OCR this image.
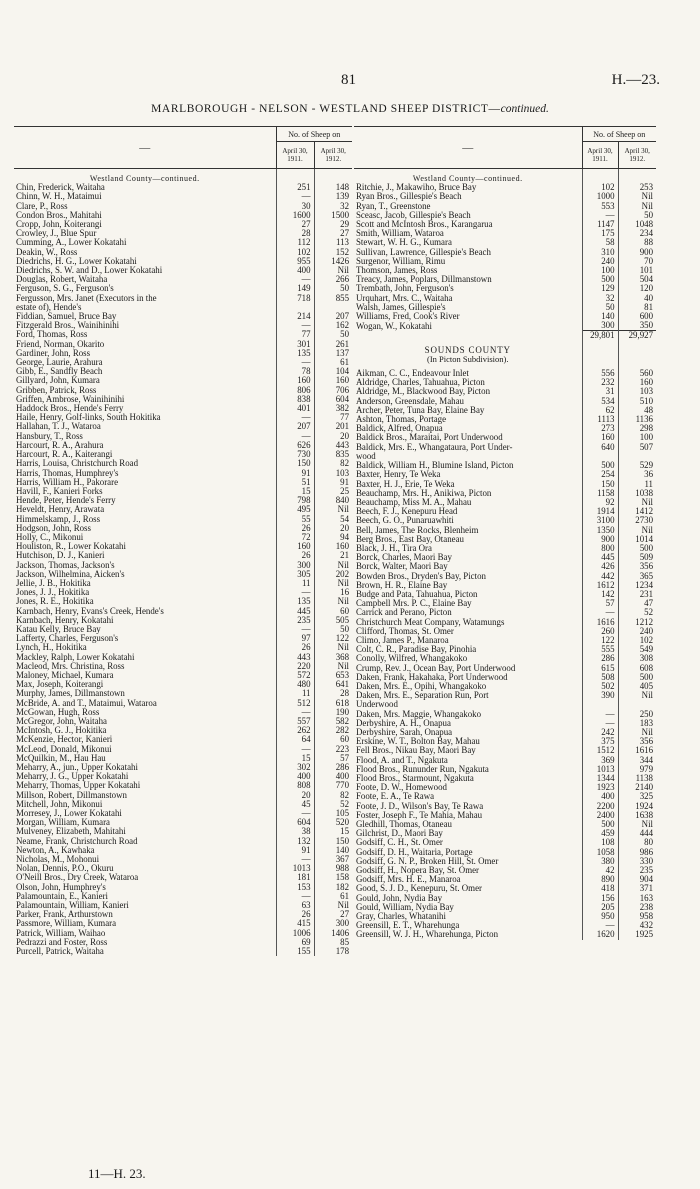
81	H.—23.
MARLBOROUGH - NELSON - WESTLAND SHEEP DISTRICT—continued.
—	No. of Sheep on	
	April 30, 1911.	April 30, 1912.

Westland County—continued.		
Chin, Frederick, Waitaha	251	148
Chinn, W. H., Mataimui	—	139
Clare, P., Ross	30	32
Condon Bros., Mahitahi	1600	1500
Cropp, John, Koiterangi	27	29
Crowley, J., Blue Spur	28	27
Cumming, A., Lower Kokatahi	112	113
Deakin, W., Ross	102	152
Diedrichs, H. G., Lower Kokatahi	955	1426
Diedrichs, S. W. and D., Lower Kokatahi	400	Nil
Douglas, Robert, Waitaha	—	266
Ferguson, S. G., Ferguson's	149	50
Fergusson, Mrs. Janet (Executors in the	718	855
estate of), Hende's		
Fiddian, Samuel, Bruce Bay	214	207
Fitzgerald Bros., Wainihinihi	—	162
Ford, Thomas, Ross	77	50
Friend, Norman, Okarito	301	261
Gardiner, John, Ross	135	137
George, Laurie, Arahura	—	61
Gibb, E., Sandfly Beach	78	104
Gillyard, John, Kumara	160	160
Gribben, Patrick, Ross	806	706
Griffen, Ambrose, Wainihinihi	838	604
Haddock Bros., Hende's Ferry	401	382
Haile, Henry, Golf-links, South Hokitika	—	77
Hallahan, T. J., Wataroa	207	201
Hansbury, T., Ross	—	20
Harcourt, R. A., Arahura	626	443
Harcourt, R. A., Kaiterangi	730	835
Harris, Louisa, Christchurch Road	150	82
Harris, Thomas, Humphrey's	91	103
Harris, William H., Pakorare	51	91
Havill, F., Kanieri Forks	15	25
Hende, Peter, Hende's Ferry	798	840
Heveldt, Henry, Arawata	495	Nil
Himmelskamp, J., Ross	55	54
Hodgson, John, Ross	26	20
Holly, C., Mikonui	72	94
Houliston, R., Lower Kokatahi	160	160
Hutchison, D. J., Kanieri	26	21
Jackson, Thomas, Jackson's	300	Nil
Jackson, Wilhelmina, Aicken's	305	202
Jellie, J. B., Hokitika	11	Nil
Jones, J. J., Hokitika	—	16
Jones, R. E., Hokitika	135	Nil
Karnbach, Henry, Evans's Creek, Hende's	445	60
Karnbach, Henry, Kokatahi	235	505
Katau Kelly, Bruce Bay	—	50
Lafferty, Charles, Ferguson's	97	122
Lynch, H., Hokitika	26	Nil
Mackley, Ralph, Lower Kokatahi	443	368
Macleod, Mrs. Christina, Ross	220	Nil
Maloney, Michael, Kumara	572	653
Max, Joseph, Koiterangi	480	641
Murphy, James, Dillmanstown	11	28
McBride, A. and T., Mataimui, Wataroa	512	618
McGowan, Hugh, Ross	—	190
McGregor, John, Waitaha	557	582
McIntosh, G. J., Hokitika	262	282
McKenzie, Hector, Kanieri	64	60
McLeod, Donald, Mikonui	—	223
McQuilkin, M., Hau Hau	15	57
Meharry, A., jun., Upper Kokatahi	302	286
Meharry, J. G., Upper Kokatahi	400	400
Meharry, Thomas, Upper Kokatahi	808	770
Millson, Robert, Dillmanstown	20	82
Mitchell, John, Mikonui	45	52
Morresey, J., Lower Kokatahi	—	105
Morgan, William, Kumara	604	520
Mulveney, Elizabeth, Mahitahi	38	15
Neame, Frank, Christchurch Road	132	150
Newton, A., Kawhaka	91	140
Nicholas, M., Mohonui	—	367
Nolan, Dennis, P.O., Okuru	1013	988
O'Neill Bros., Dry Creek, Wataroa	181	158
Olson, John, Humphrey's	153	182
Palamountain, E., Kanieri	—	61
Palamountain, William, Kanieri	63	Nil
Parker, Frank, Arthurstown	26	27
Passmore, William, Kumara	415	300
Patrick, William, Waihao	1006	1406
Pedrazzi and Foster, Ross	69	85
Purcell, Patrick, Waitaha	155	178
—	No. of Sheep on	
	April 30, 1911.	April 30, 1912.

Westland County—continued.		
Ritchie, J., Makawiho, Bruce Bay	102	253
Ryan Bros., Gillespie's Beach	1000	Nil
Ryan, T., Greenstone	553	Nil
Sceasc, Jacob, Gillespie's Beach	—	50
Scott and McIntosh Bros., Karangarua	1147	1048
Smith, William, Wataroa	175	234
Stewart, W. H. G., Kumara	58	88
Sullivan, Lawrence, Gillespie's Beach	310	900
Surgenor, William, Rimu	240	70
Thomson, James, Ross	100	101
Treacy, James, Poplars, Dillmanstown	500	504
Trembath, John, Ferguson's	129	120
Urquhart, Mrs. C., Waitaha	32	40
Walsh, James, Gillespie's	50	81
Williams, Fred, Cook's River	140	600
Wogan, W., Kokatahi	300	350
	29,801	29,927

SOUNDS COUNTY		
(In Picton Subdivision).		

Aikman, C. C., Endeavour Inlet	556	560
Aldridge, Charles, Tahuahua, Picton	232	160
Aldridge, M., Blackwood Bay, Picton	31	103
Anderson, Greensdale, Mahau	534	510
Archer, Peter, Tuna Bay, Elaine Bay	62	48
Ashton, Thomas, Portage	1113	1136
Baldick, Alfred, Onapua	273	298
Baldick Bros., Maraitai, Port Underwood	160	100
Baldick, Mrs. E., Whangataura, Port Under-	640	507
wood		
Baldick, William H., Blumine Island, Picton	500	529
Baxter, Henry, Te Weka	254	36
Baxter, H. J., Erie, Te Weka	150	11
Beauchamp, Mrs. H., Anikiwa, Picton	1158	1038
Beauchamp, Miss M. A., Mahau	92	Nil
Beech, F. J., Kenepuru Head	1914	1412
Beech, G. O., Punaruawhiti	3100	2730
Bell, James, The Rocks, Blenheim	1350	Nil
Berg Bros., East Bay, Otaneau	900	1014
Black, J. H., Tira Ora	800	500
Borck, Charles, Maori Bay	445	509
Borck, Walter, Maori Bay	426	356
Bowden Bros., Dryden's Bay, Picton	442	365
Brown, H. R., Elaine Bay	1612	1234
Budge and Pata, Tahuahua, Picton	142	231
Campbell Mrs. P. C., Elaine Bay	57	47
Carrick and Perano, Picton	—	52
Christchurch Meat Company, Watamungs	1616	1212
Clifford, Thomas, St. Omer	260	240
Climo, James P., Manaroa	122	102
Colt, C. R., Paradise Bay, Pinohia	555	549
Conolly, Wilfred, Whangakoko	286	308
Crump, Rev. J., Ocean Bay, Port Underwood	615	608
Daken, Frank, Hakahaka, Port Underwood	508	500
Daken, Mrs. E., Opihi, Whangakoko	502	405
Daken, Mrs. E., Separation Run, Port	390	Nil
Underwood		
Daken, Mrs. Maggie, Whangakoko	—	250
Derbyshire, A. H., Onapua	—	183
Derbyshire, Sarah, Onapua	242	Nil
Erskine, W. T., Bolton Bay, Mahau	375	356
Fell Bros., Nikau Bay, Maori Bay	1512	1616
Flood, A. and T., Ngakuta	369	344
Flood Bros., Rununder Run, Ngakuta	1013	979
Flood Bros., Starmount, Ngakuta	1344	1138
Foote, D. W., Homewood	1923	2140
Foote, E. A., Te Rawa	400	325
Foote, J. D., Wilson's Bay, Te Rawa	2200	1924
Foster, Joseph F., Te Mahia, Mahau	2400	1638
Gledhill, Thomas, Otaneau	500	Nil
Gilchrist, D., Maori Bay	459	444
Godsiff, C. H., St. Omer	108	80
Godsiff, D. H., Waitaria, Portage	1058	986
Godsiff, G. N. P., Broken Hill, St. Omer	380	330
Godsiff, H., Nopera Bay, St. Omer	42	235
Godsiff, Mrs. H. E., Manaroa	890	904
Good, S. J. D., Kenepuru, St. Omer	418	371
Gould, John, Nydia Bay	156	163
Gould, William, Nydia Bay	205	238
Gray, Charles, Whatanihi	950	958
Greensill, E. T., Wharehunga	—	432
Greensill, W. J. H., Wharehunga, Picton	1620	1925
11—H. 23.
